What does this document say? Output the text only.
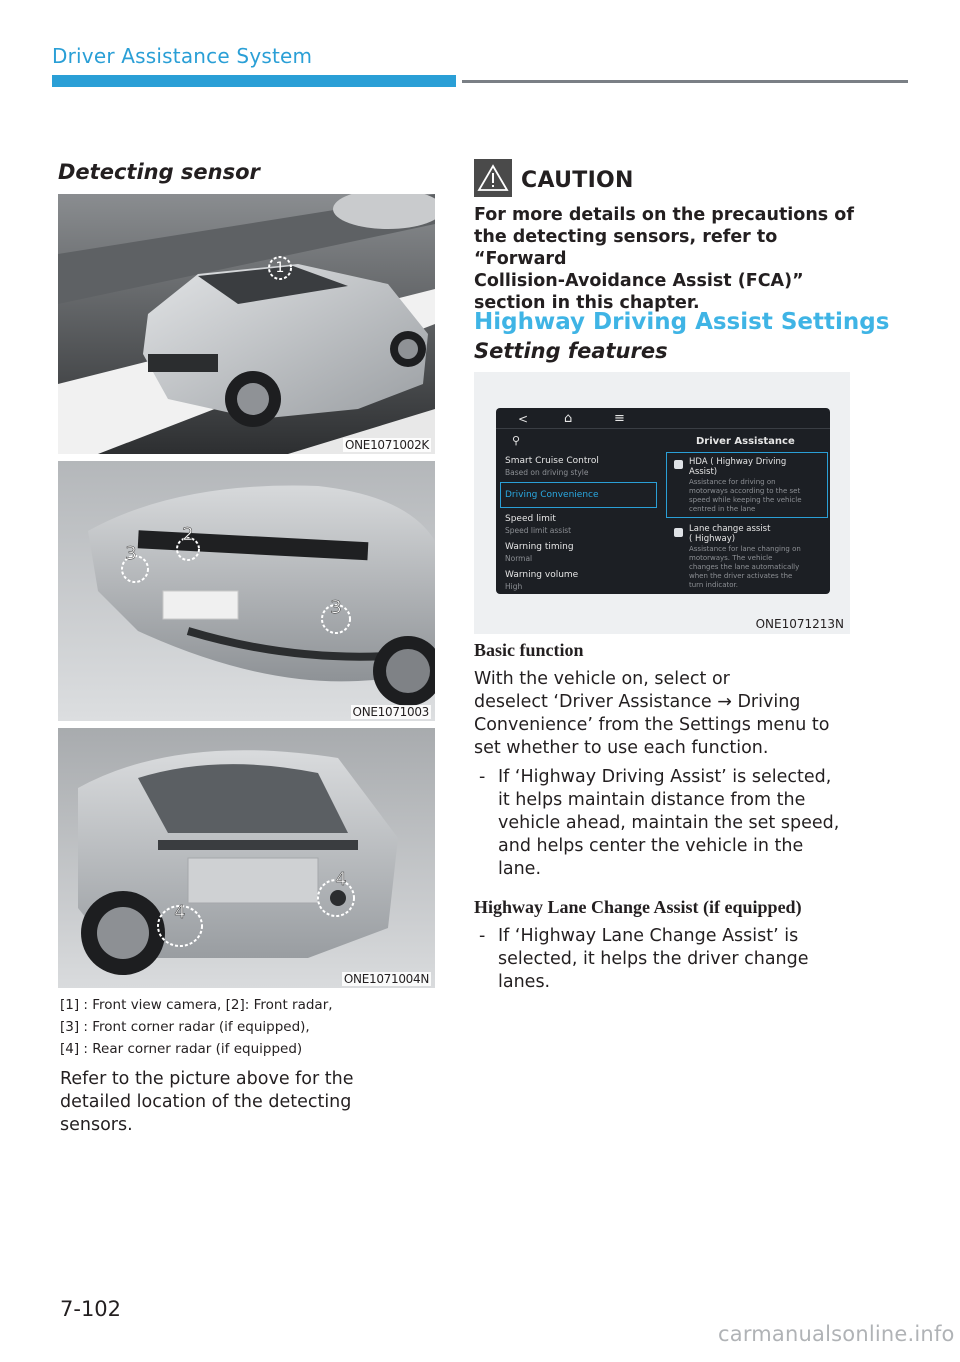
Driver Assistance System
Detecting sensor
1
ONE1071002K
2
3
3
ONE1071003
4
4
ONE1071004N
[1] : Front view camera, [2]: Front radar,
[3] : Front corner radar (if equipped),
[4] : Rear corner radar (if equipped)
Refer to the picture above for the
detailed location of the detecting
sensors.
CAUTION
For more details on the precautions of
the detecting sensors, refer to “Forward
Collision-Avoidance Assist (FCA)”
section in this chapter.
Highway Driving Assist Settings
Setting features
<	⌂	≡
⚲	Driver Assistance
Smart Cruise Control
Based on driving style
Driving Convenience
Speed limit
Speed limit assist
Warning timing
Normal
Warning volume
High
HDA ( Highway Driving
Assist)
Assistance for driving on
motorways according to the set
speed while keeping the vehicle
centred in the lane
Lane change assist
( Highway)
Assistance for lane changing on
motorways. The vehicle
changes the lane automatically
when the driver activates the
turn indicator.
ONE1071213N
Basic function
With the vehicle on, select or
deselect ‘Driver Assistance → Driving
Convenience’ from the Settings menu to
set whether to use each function.
- If ‘Highway Driving Assist’ is selected,
it helps maintain distance from the
vehicle ahead, maintain the set speed,
and helps center the vehicle in the
lane.
Highway Lane Change Assist (if equipped)
- If ‘Highway Lane Change Assist’ is
selected, it helps the driver change
lanes.
7-102
carmanualsonline.info
